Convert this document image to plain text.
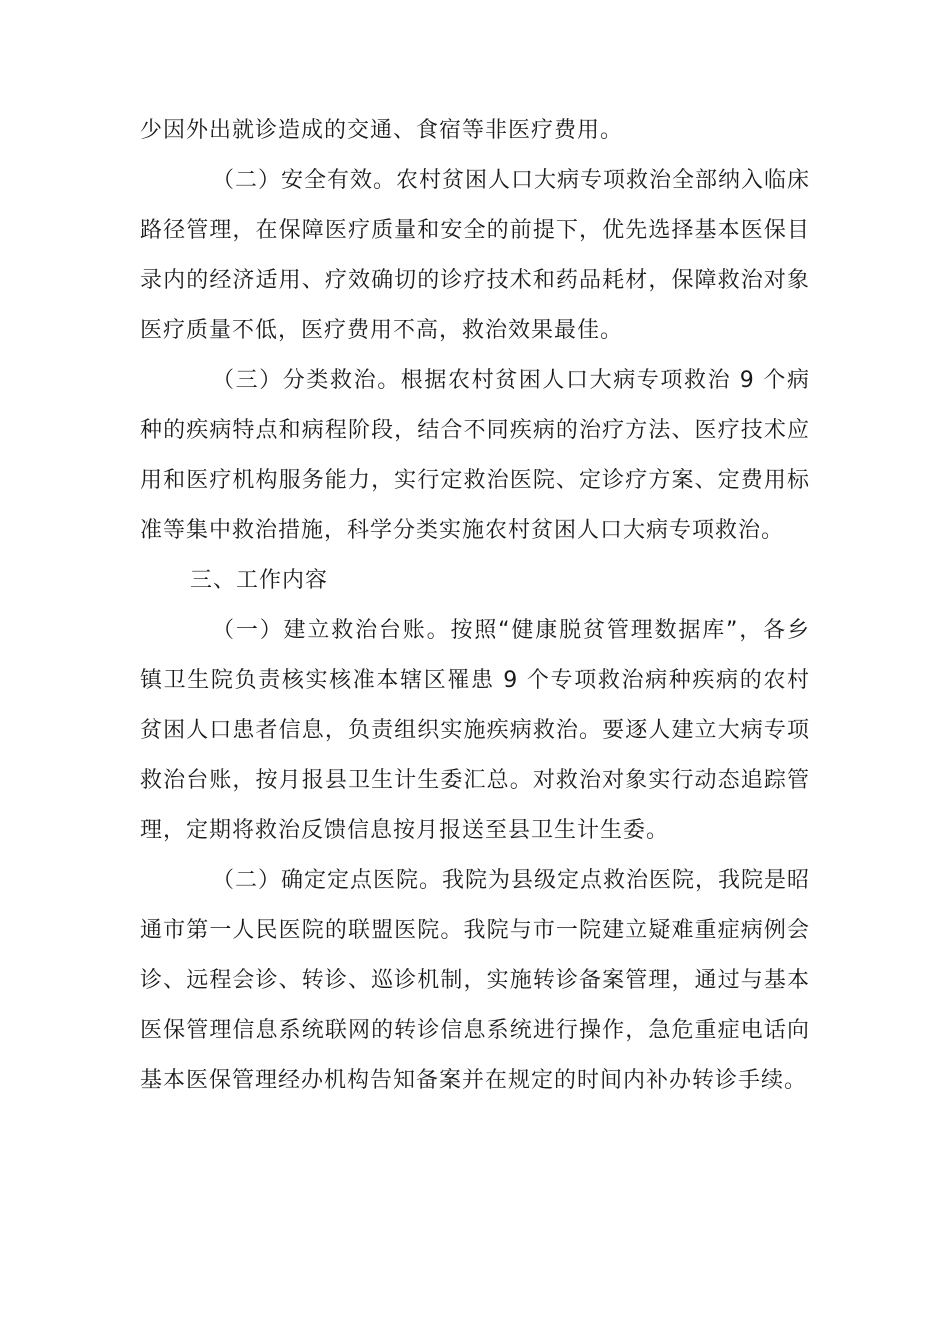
少因外出就诊造成的交通、食宿等非医疗费用。

（二）安全有效。农村贫困人口大病专项救治全部纳入临床路径管理，在保障医疗质量和安全的前提下，优先选择基本医保目录内的经济适用、疗效确切的诊疗技术和药品耗材，保障救治对象医疗质量不低，医疗费用不高，救治效果最佳。

（三）分类救治。根据农村贫困人口大病专项救治 9 个病种的疾病特点和病程阶段，结合不同疾病的治疗方法、医疗技术应用和医疗机构服务能力，实行定救治医院、定诊疗方案、定费用标准等集中救治措施，科学分类实施农村贫困人口大病专项救治。

三、工作内容

（一）建立救治台账。按照“健康脱贫管理数据库”，各乡镇卫生院负责核实核准本辖区罹患 9 个专项救治病种疾病的农村贫困人口患者信息，负责组织实施疾病救治。要逐人建立大病专项救治台账，按月报县卫生计生委汇总。对救治对象实行动态追踪管理，定期将救治反馈信息按月报送至县卫生计生委。

（二）确定定点医院。我院为县级定点救治医院，我院是昭通市第一人民医院的联盟医院。我院与市一院建立疑难重症病例会诊、远程会诊、转诊、巡诊机制，实施转诊备案管理，通过与基本医保管理信息系统联网的转诊信息系统进行操作，急危重症电话向基本医保管理经办机构告知备案并在规定的时间内补办转诊手续。
